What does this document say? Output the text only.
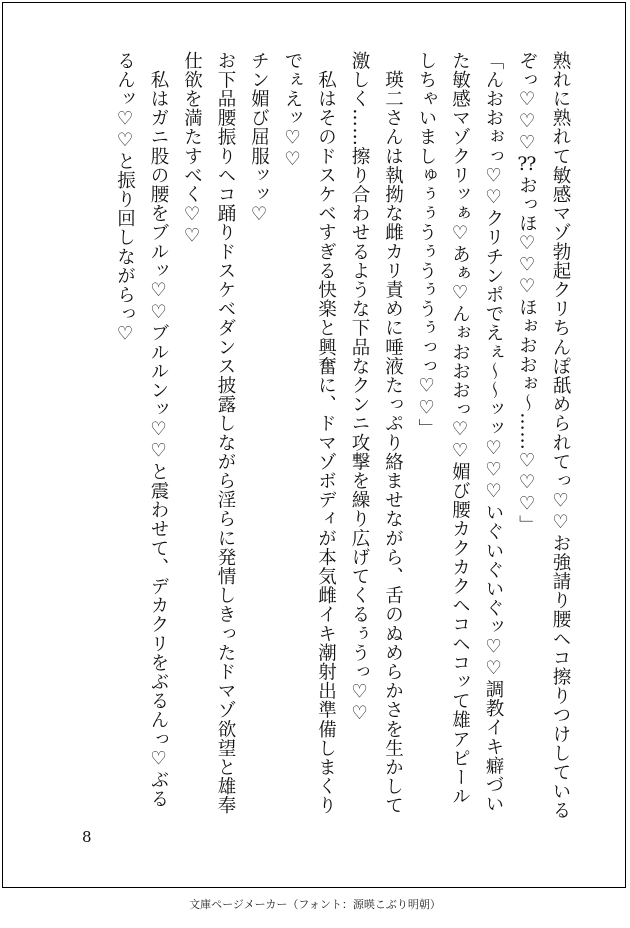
熟れに熟れて敏感マゾ勃起クリちんぽ舐められてっ♡♡お強請り腰ヘコ擦りつけしているぞっ♡♡♡⁇おっほ♡♡♡ほぉおおぉ〜……♡♡♡」

「んおおぉっ♡♡クリチンポでえぇ〜〜ッッ♡♡♡いぐいぐいぐッ♡♡調教イキ癖づいた敏感マゾクリッぁ♡あぁ♡んぉおおおっ♡♡媚び腰カクカクヘコヘコッて雄アピールしちゃいましゅぅぅうぅうぅうぅっっ♡♡」

　瑛二さんは執拗な雌カリ責めに唾液たっぷり絡ませながら、舌のぬめらかさを生かして激しく……擦り合わせるような下品なクンニ攻撃を繰り広げてくるぅうっ♡♡

　私はそのドスケベすぎる快楽と興奮に、ドマゾボディが本気雌イキ潮射出準備しまくりでぇえッ♡♡

チン媚び屈服ッッ♡

お下品腰振りヘコ踊りドスケベダンス披露しながら淫らに発情しきったドマゾ欲望と雄奉仕欲を満たすべく♡♡

　私はガニ股の腰をブルッ♡♡ブルルンッ♡♡と震わせて、デカクリをぶるんっ♡ぶるるんッ♡♡と振り回しながらっ♡

8
文庫ページメーカー（フォント：源暎こぶり明朝）
